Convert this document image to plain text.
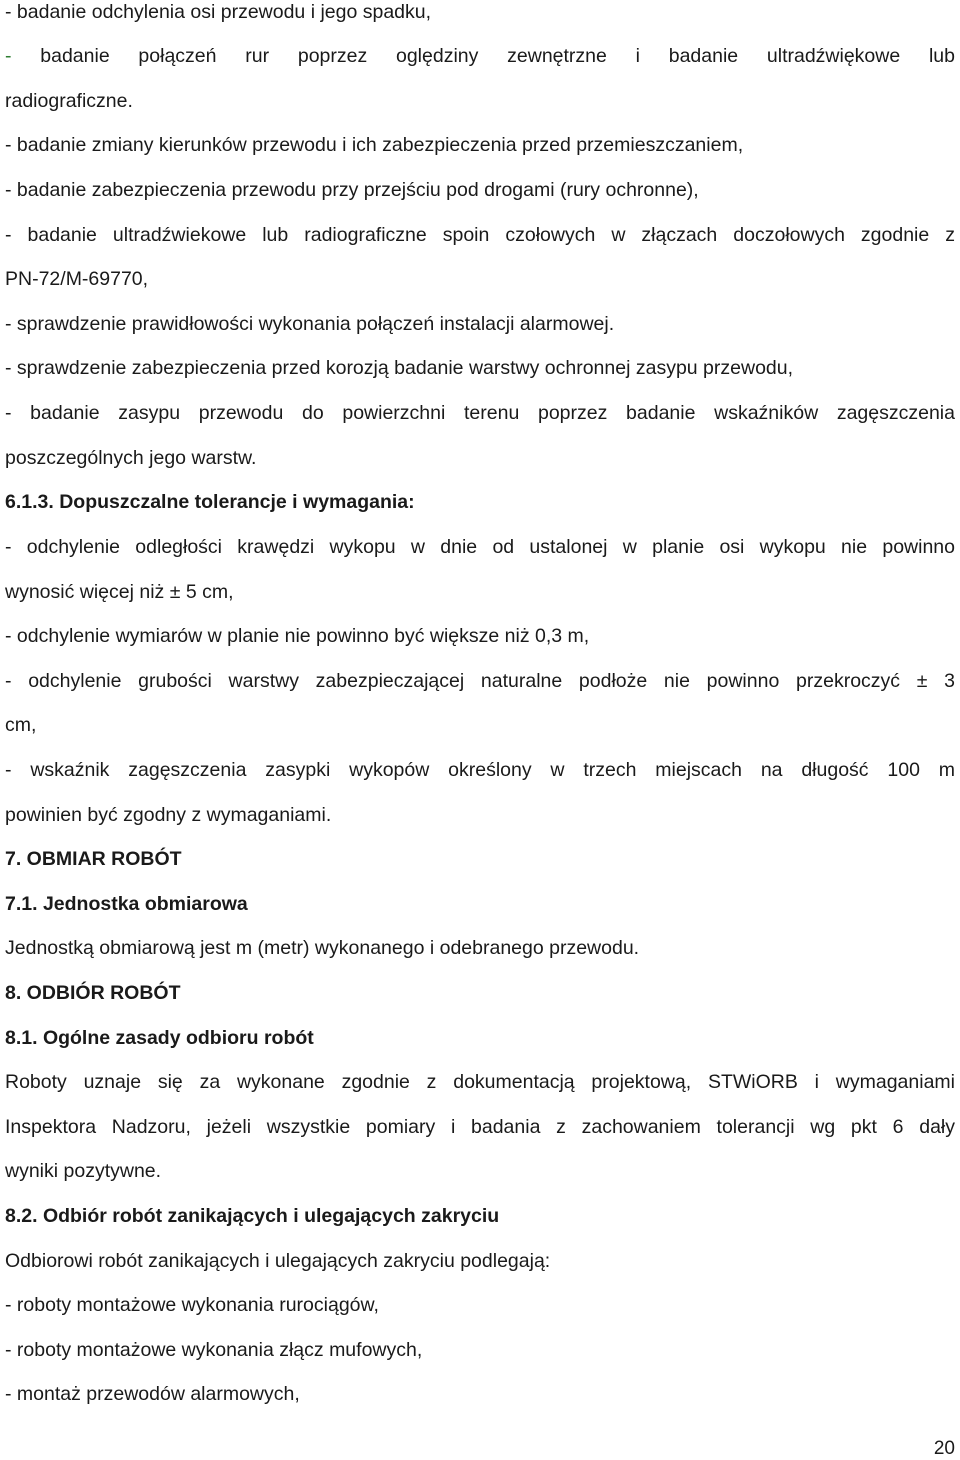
- badanie odchylenia osi przewodu i jego spadku,
- badanie połączeń rur poprzez oględziny zewnętrzne i badanie ultradźwiękowe lub
radiograficzne.
- badanie zmiany kierunków przewodu i ich zabezpieczenia przed przemieszczaniem,
- badanie zabezpieczenia przewodu przy przejściu pod drogami (rury ochronne),
- badanie ultradźwiekowe lub radiograficzne spoin czołowych w złączach doczołowych zgodnie z
PN-72/M-69770,
- sprawdzenie prawidłowości wykonania połączeń instalacji alarmowej.
- sprawdzenie zabezpieczenia przed korozją badanie warstwy ochronnej zasypu przewodu,
- badanie zasypu przewodu do powierzchni terenu poprzez badanie wskaźników zagęszczenia
poszczególnych jego warstw.
6.1.3. Dopuszczalne tolerancje i wymagania:
- odchylenie odległości krawędzi wykopu w dnie od ustalonej w planie osi wykopu nie powinno
wynosić więcej niż ± 5 cm,
- odchylenie wymiarów w planie nie powinno być większe niż 0,3 m,
- odchylenie grubości warstwy zabezpieczającej naturalne podłoże nie powinno przekroczyć ± 3
cm,
- wskaźnik zagęszczenia zasypki wykopów określony w trzech miejscach na długość 100 m
powinien być zgodny z wymaganiami.
7. OBMIAR ROBÓT
7.1. Jednostka obmiarowa
Jednostką obmiarową jest m (metr) wykonanego i odebranego przewodu.
8. ODBIÓR ROBÓT
8.1. Ogólne zasady odbioru robót
Roboty uznaje się za wykonane zgodnie z dokumentacją projektową, STWiORB i wymaganiami
Inspektora Nadzoru, jeżeli wszystkie pomiary i badania z zachowaniem tolerancji wg pkt 6 dały
wyniki pozytywne.
8.2. Odbiór robót zanikających i ulegających zakryciu
Odbiorowi robót zanikających i ulegających zakryciu podlegają:
- roboty montażowe wykonania rurociągów,
- roboty montażowe wykonania złącz mufowych,
- montaż przewodów alarmowych,
20
